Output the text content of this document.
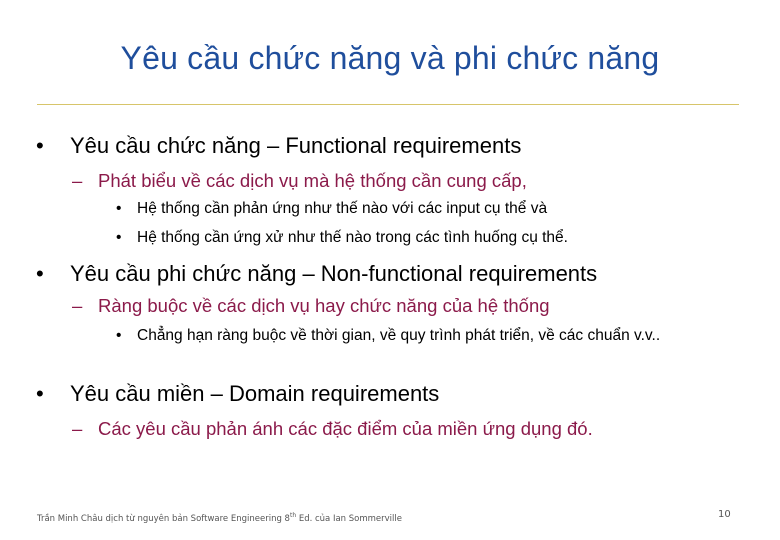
Yêu cầu chức năng và phi chức năng
• Yêu cầu chức năng – Functional requirements
– Phát biểu về các dịch vụ mà hệ thống cần cung cấp,
•	Hệ thống cần phản ứng như thế nào với các input cụ thể và
•	Hệ thống cần ứng xử như thế nào trong các tình huống cụ thể.
• Yêu cầu phi chức năng – Non-functional requirements
– Ràng buộc về các dịch vụ hay chức năng của hệ thống
•	Chẳng hạn ràng buộc về thời gian, về quy trình phát triển, về các chuẩn v.v..
• Yêu cầu miền – Domain requirements
– Các yêu cầu phản ánh các đặc điểm của miền ứng dụng đó.
Trần Minh Châu dịch từ nguyên bản Software Engineering 8th Ed. của Ian Sommerville	10
